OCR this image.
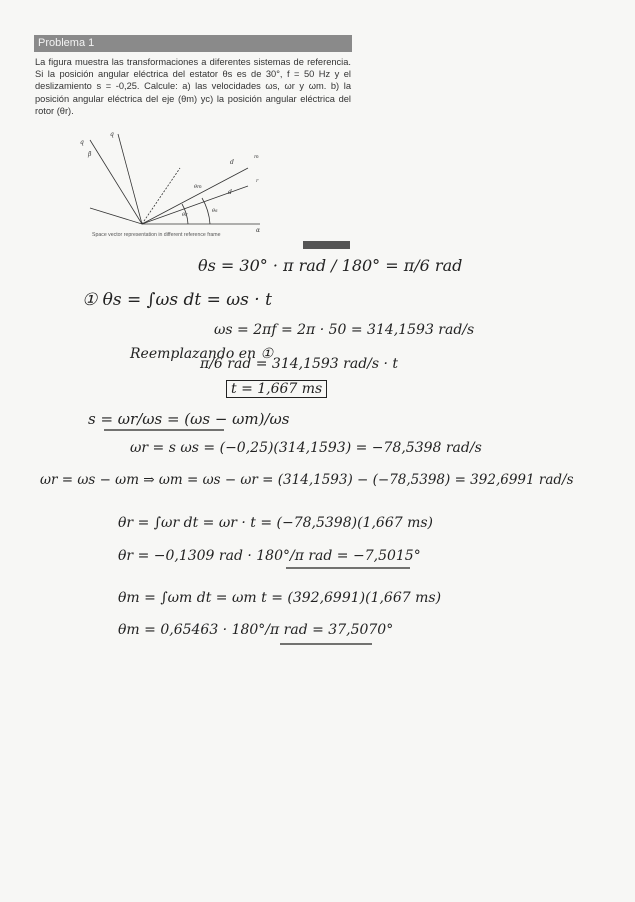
Problema 1
La figura muestra las transformaciones a diferentes sistemas de referencia. Si la posición angular eléctrica del estator θs es de 30°, f = 50 Hz y el deslizamiento s = -0,25. Calcule: a) las velocidades ωs, ωr y ωm. b) la posición angular eléctrica del eje (θm) yc) la posición angular eléctrica del rotor (θr).
q
q
β
d
d
α
θs
θm
θr
m
r
Space vector representation in different reference frame
θs = 30° · π rad / 180° = π/6 rad
① θs = ∫ωs dt = ωs · t
ωs = 2πf = 2π · 50 = 314,1593 rad/s
Reemplazando en ①
π/6 rad = 314,1593 rad/s · t
t = 1,667 ms
s = ωr/ωs = (ωs − ωm)/ωs
ωr = s ωs = (−0,25)(314,1593) = −78,5398 rad/s
ωr = ωs − ωm ⇒ ωm = ωs − ωr = (314,1593) − (−78,5398) = 392,6991 rad/s
θr = ∫ωr dt = ωr · t = (−78,5398)(1,667 ms)
θr = −0,1309 rad · 180°/π rad = −7,5015°
θm = ∫ωm dt = ωm t = (392,6991)(1,667 ms)
θm = 0,65463 · 180°/π rad = 37,5070°
